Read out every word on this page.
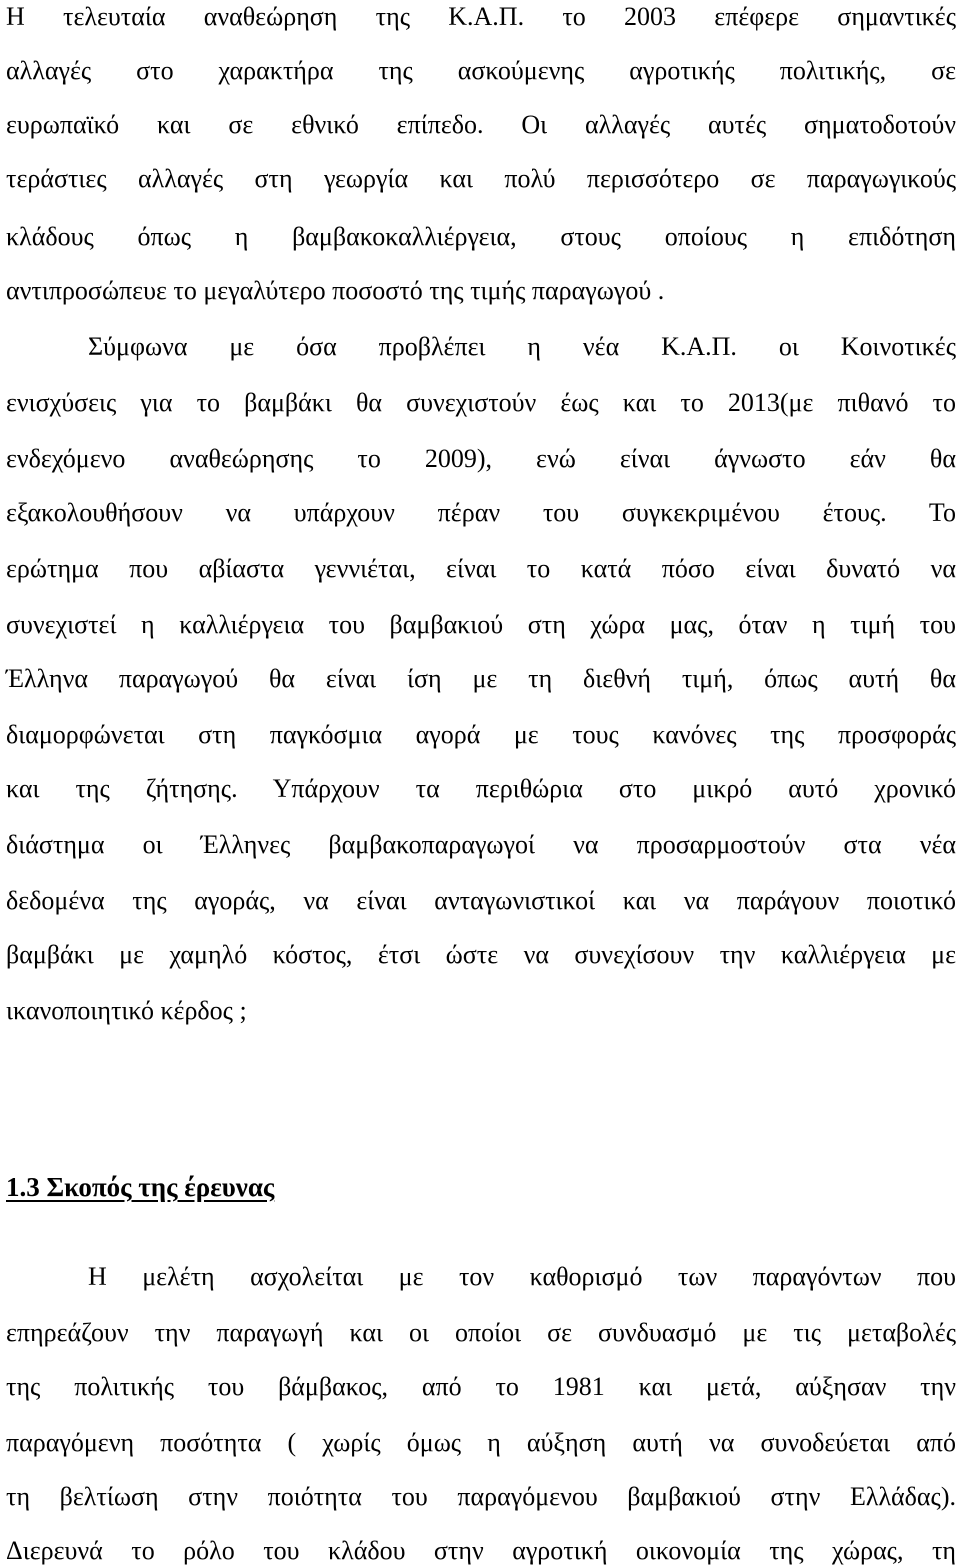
Η τελευταία αναθεώρηση της Κ.Α.Π. το 2003 επέφερε σημαντικές
αλλαγές στο χαρακτήρα της ασκούμενης αγροτικής πολιτικής, σε
ευρωπαϊκό και σε εθνικό επίπεδο. Οι αλλαγές αυτές σηματοδοτούν
τεράστιες αλλαγές στη γεωργία και πολύ περισσότερο σε παραγωγικούς
κλάδους όπως η βαμβακοκαλλιέργεια, στους οποίους η επιδότηση
αντιπροσώπευε το μεγαλύτερο ποσοστό της τιμής παραγωγού .
Σύμφωνα με όσα προβλέπει η νέα Κ.Α.Π. οι Κοινοτικές
ενισχύσεις για το βαμβάκι θα συνεχιστούν έως και το 2013(με πιθανό το
ενδεχόμενο αναθεώρησης το 2009), ενώ είναι άγνωστο εάν θα
εξακολουθήσουν να υπάρχουν πέραν του συγκεκριμένου έτους. Το
ερώτημα που αβίαστα γεννιέται, είναι το κατά πόσο είναι δυνατό να
συνεχιστεί η καλλιέργεια του βαμβακιού στη χώρα μας, όταν η τιμή του
Έλληνα παραγωγού θα είναι ίση με τη διεθνή τιμή, όπως αυτή θα
διαμορφώνεται στη παγκόσμια αγορά με τους κανόνες της προσφοράς
και της ζήτησης. Υπάρχουν τα περιθώρια στο μικρό αυτό χρονικό
διάστημα οι Έλληνες βαμβακοπαραγωγοί να προσαρμοστούν στα νέα
δεδομένα της αγοράς, να είναι ανταγωνιστικοί και να παράγουν ποιοτικό
βαμβάκι με χαμηλό κόστος, έτσι ώστε να συνεχίσουν την καλλιέργεια με
ικανοποιητικό κέρδος ;
1.3 Σκοπός της έρευνας
Η μελέτη ασχολείται με τον καθορισμό των παραγόντων που
επηρεάζουν την παραγωγή και οι οποίοι σε συνδυασμό με τις μεταβολές
της πολιτικής του βάμβακος, από το 1981 και μετά, αύξησαν την
παραγόμενη ποσότητα ( χωρίς όμως η αύξηση αυτή να συνοδεύεται από
τη βελτίωση στην ποιότητα του παραγόμενου βαμβακιού στην Ελλάδας).
Διερευνά το ρόλο του κλάδου στην αγροτική οικονομία της χώρας, τη
